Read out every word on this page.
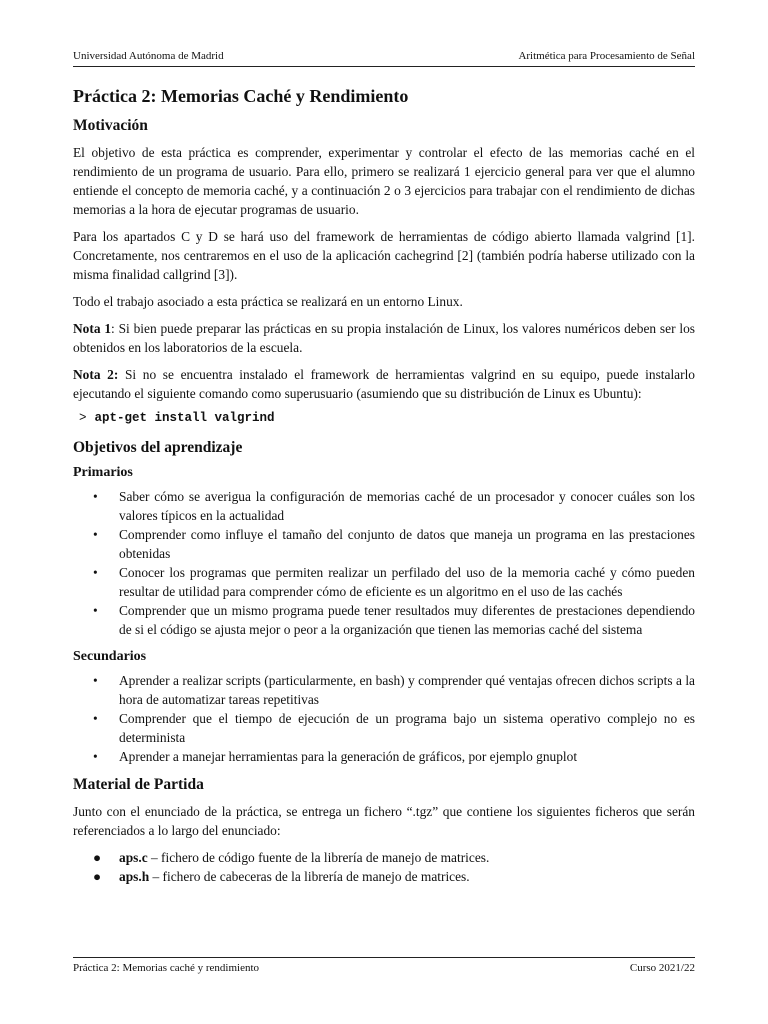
Universidad Autónoma de Madrid	Aritmética para Procesamiento de Señal
Práctica 2: Memorias Caché y Rendimiento
Motivación

El objetivo de esta práctica es comprender, experimentar y controlar el efecto de las memorias caché en el rendimiento de un programa de usuario. Para ello, primero se realizará 1 ejercicio general para ver que el alumno entiende el concepto de memoria caché, y a continuación 2 o 3 ejercicios para trabajar con el rendimiento de dichas memorias a la hora de ejecutar programas de usuario.

Para los apartados C y D se hará uso del framework de herramientas de código abierto llamada valgrind [1]. Concretamente, nos centraremos en el uso de la aplicación cachegrind [2] (también podría haberse utilizado con la misma finalidad callgrind [3]).

Todo el trabajo asociado a esta práctica se realizará en un entorno Linux.

Nota 1: Si bien puede preparar las prácticas en su propia instalación de Linux, los valores numéricos deben ser los obtenidos en los laboratorios de la escuela.

Nota 2: Si no se encuentra instalado el framework de herramientas valgrind en su equipo, puede instalarlo ejecutando el siguiente comando como superusuario (asumiendo que su distribución de Linux es Ubuntu):

> apt-get install valgrind
Objetivos del aprendizaje
Primarios
• Saber cómo se averigua la configuración de memorias caché de un procesador y conocer cuáles son los valores típicos en la actualidad
• Comprender como influye el tamaño del conjunto de datos que maneja un programa en las prestaciones obtenidas
• Conocer los programas que permiten realizar un perfilado del uso de la memoria caché y cómo pueden resultar de utilidad para comprender cómo de eficiente es un algoritmo en el uso de las cachés
• Comprender que un mismo programa puede tener resultados muy diferentes de prestaciones dependiendo de si el código se ajusta mejor o peor a la organización que tienen las memorias caché del sistema
Secundarios
• Aprender a realizar scripts (particularmente, en bash) y comprender qué ventajas ofrecen dichos scripts a la hora de automatizar tareas repetitivas
• Comprender que el tiempo de ejecución de un programa bajo un sistema operativo complejo no es determinista
• Aprender a manejar herramientas para la generación de gráficos, por ejemplo gnuplot
Material de Partida

Junto con el enunciado de la práctica, se entrega un fichero “.tgz” que contiene los siguientes ficheros que serán referenciados a lo largo del enunciado:

● aps.c – fichero de código fuente de la librería de manejo de matrices.
● aps.h – fichero de cabeceras de la librería de manejo de matrices.
Práctica 2: Memorias caché y rendimiento	Curso 2021/22
